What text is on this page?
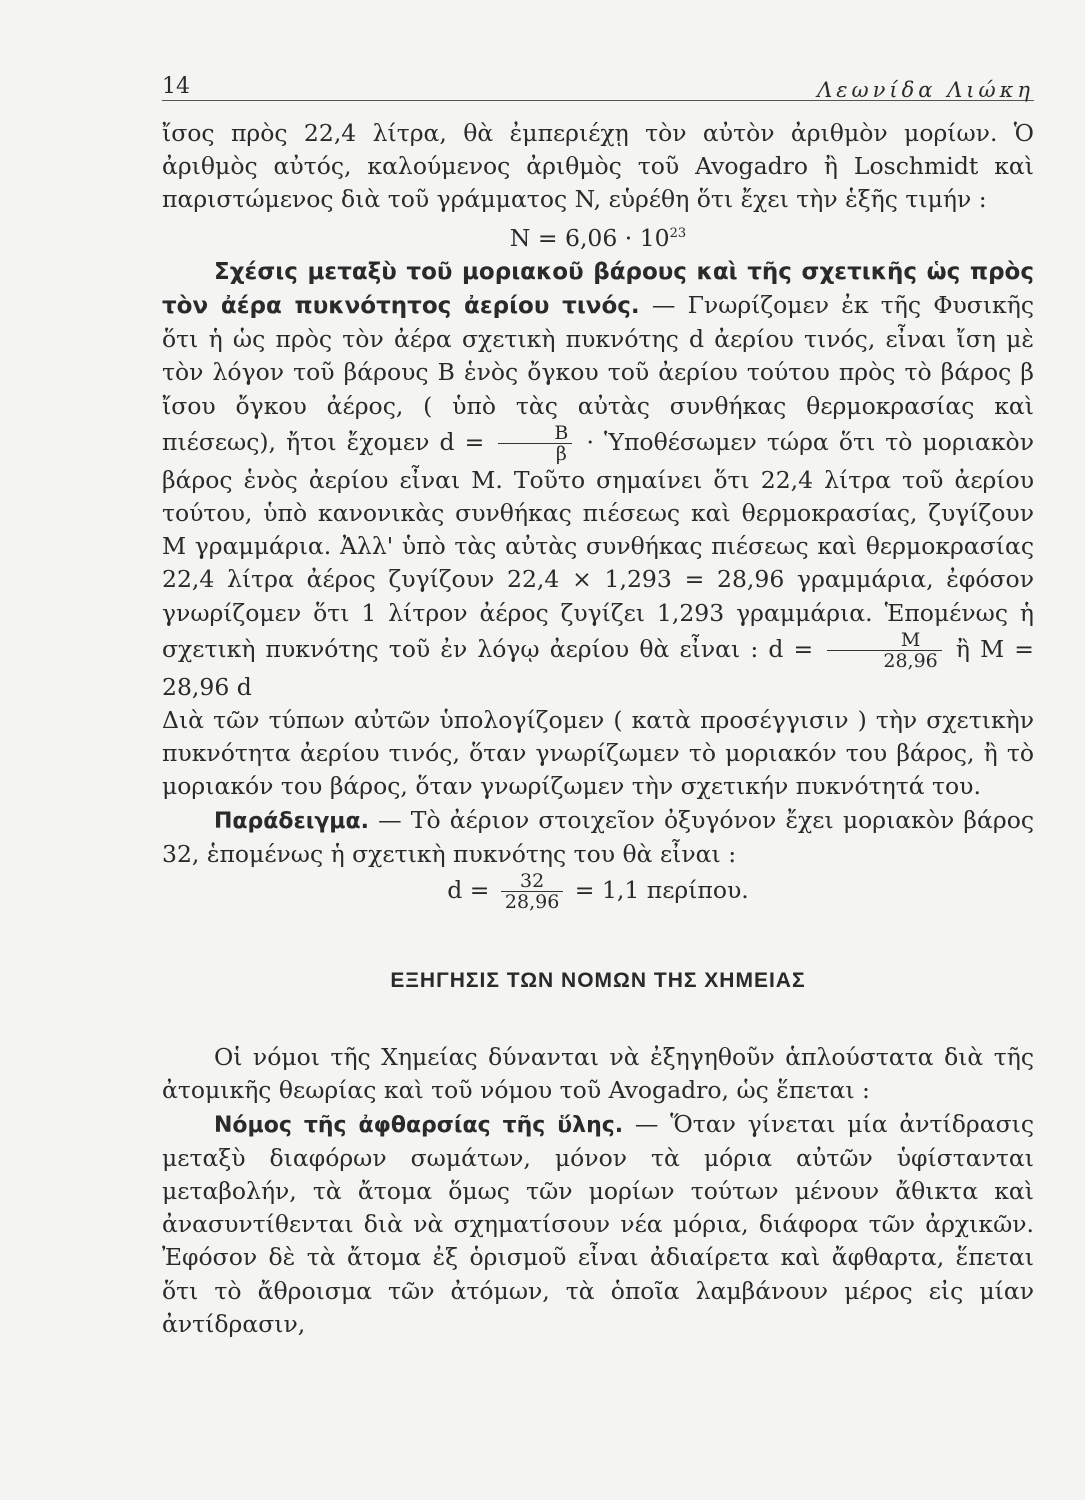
14	Λεωνίδα Λιώκη

ἴσος πρὸς 22,4 λίτρα, θὰ ἐμπεριέχῃ τὸν αὐτὸν ἀριθμὸν μορίων. Ὁ ἀριθμὸς αὐτός, καλούμενος ἀριθμὸς τοῦ Avogadro ἢ Loschmidt καὶ παριστώμενος διὰ τοῦ γράμματος N, εὑρέθη ὅτι ἔχει τὴν ἑξῆς τιμήν :

$N = 6,06 \cdot 10^{23}$

Σχέσις μεταξὺ τοῦ μοριακοῦ βάρους καὶ τῆς σχετικῆς ὡς πρὸς τὸν ἀέρα πυκνότητος ἀερίου τινός. — Γνωρίζομεν ἐκ τῆς Φυσικῆς ὅτι ἡ ὡς πρὸς τὸν ἀέρα σχετικὴ πυκνότης d ἀερίου τινός, εἶναι ἴση μὲ τὸν λόγον τοῦ βάρους B ἑνὸς ὄγκου τοῦ ἀερίου τούτου πρὸς τὸ βάρος β ἴσου ὄγκου ἀέρος, ( ὑπὸ τὰς αὐτὰς συνθήκας θερμοκρασίας καὶ πιέσεως), ἤτοι ἔχομεν $d = \frac{B}{\beta}$ · Ὑποθέσωμεν τώρα ὅτι τὸ μοριακὸν βάρος ἑνὸς ἀερίου εἶναι M. Τοῦτο σημαίνει ὅτι 22,4 λίτρα τοῦ ἀερίου τούτου, ὑπὸ κανονικὰς συνθήκας πιέσεως καὶ θερμοκρασίας, ζυγίζουν M γραμμάρια. Ἀλλ' ὑπὸ τὰς αὐτὰς συνθήκας πιέσεως καὶ θερμοκρασίας 22,4 λίτρα ἀέρος ζυγίζουν 22,4 × 1,293 = 28,96 γραμμάρια, ἐφόσον γνωρίζομεν ὅτι 1 λίτρον ἀέρος ζυγίζει 1,293 γραμμάρια. Ἑπομένως ἡ σχετικὴ πυκνότης τοῦ ἐν λόγῳ ἀερίου θὰ εἶναι : $d = \frac{M}{28,96}$ ἢ M = 28,96 d

Διὰ τῶν τύπων αὐτῶν ὑπολογίζομεν ( κατὰ προσέγγισιν ) τὴν σχετικὴν πυκνότητα ἀερίου τινός, ὅταν γνωρίζωμεν τὸ μοριακόν του βάρος, ἢ τὸ μοριακόν του βάρος, ὅταν γνωρίζωμεν τὴν σχετικήν πυκνότητά του.

Παράδειγμα. — Τὸ ἀέριον στοιχεῖον ὀξυγόνον ἔχει μοριακὸν βάρος 32, ἑπομένως ἡ σχετικὴ πυκνότης του θὰ εἶναι :

$d = \frac{32}{28,96} = 1,1$ περίπου.

ΕΞΗΓΗΣΙΣ ΤΩΝ ΝΟΜΩΝ ΤΗΣ ΧΗΜΕΙΑΣ

Οἱ νόμοι τῆς Χημείας δύνανται νὰ ἐξηγηθοῦν ἁπλούστατα διὰ τῆς ἀτομικῆς θεωρίας καὶ τοῦ νόμου τοῦ Avogadro, ὡς ἕπεται :

Νόμος τῆς ἀφθαρσίας τῆς ὕλης. — Ὅταν γίνεται μία ἀντίδρασις μεταξὺ διαφόρων σωμάτων, μόνον τὰ μόρια αὐτῶν ὑφίστανται μεταβολήν, τὰ ἄτομα ὅμως τῶν μορίων τούτων μένουν ἄθικτα καὶ ἀνασυντίθενται διὰ νὰ σχηματίσουν νέα μόρια, διάφορα τῶν ἀρχικῶν. Ἐφόσον δὲ τὰ ἄτομα ἐξ ὁρισμοῦ εἶναι ἀδιαίρετα καὶ ἄφθαρτα, ἕπεται ὅτι τὸ ἄθροισμα τῶν ἀτόμων, τὰ ὁποῖα λαμβάνουν μέρος εἰς μίαν ἀντίδρασιν,
